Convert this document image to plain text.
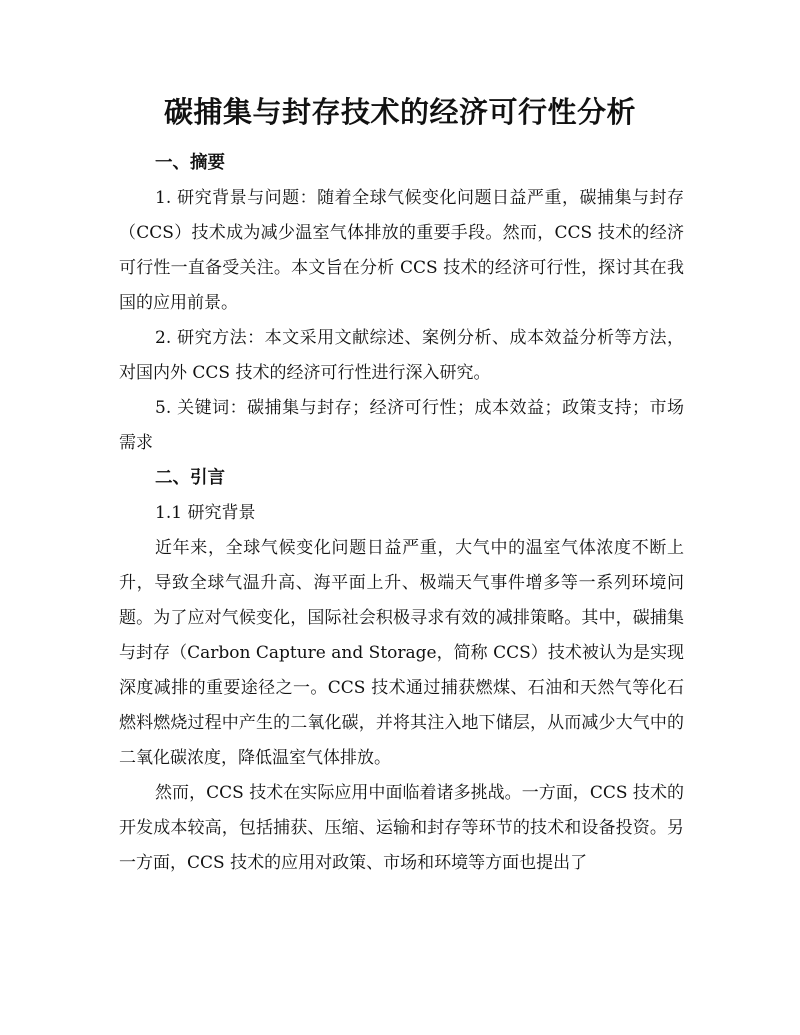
碳捕集与封存技术的经济可行性分析

一、摘要

1. 研究背景与问题：随着全球气候变化问题日益严重，碳捕集与封存（CCS）技术成为减少温室气体排放的重要手段。然而，CCS 技术的经济可行性一直备受关注。本文旨在分析 CCS 技术的经济可行性，探讨其在我国的应用前景。

2. 研究方法：本文采用文献综述、案例分析、成本效益分析等方法，对国内外 CCS 技术的经济可行性进行深入研究。

5. 关键词：碳捕集与封存；经济可行性；成本效益；政策支持；市场需求

二、引言

1.1 研究背景

近年来，全球气候变化问题日益严重，大气中的温室气体浓度不断上升，导致全球气温升高、海平面上升、极端天气事件增多等一系列环境问题。为了应对气候变化，国际社会积极寻求有效的减排策略。其中，碳捕集与封存（Carbon Capture and Storage，简称 CCS）技术被认为是实现深度减排的重要途径之一。CCS 技术通过捕获燃煤、石油和天然气等化石燃料燃烧过程中产生的二氧化碳，并将其注入地下储层，从而减少大气中的二氧化碳浓度，降低温室气体排放。

然而，CCS 技术在实际应用中面临着诸多挑战。一方面，CCS 技术的开发成本较高，包括捕获、压缩、运输和封存等环节的技术和设备投资。另一方面，CCS 技术的应用对政策、市场和环境等方面也提出了
